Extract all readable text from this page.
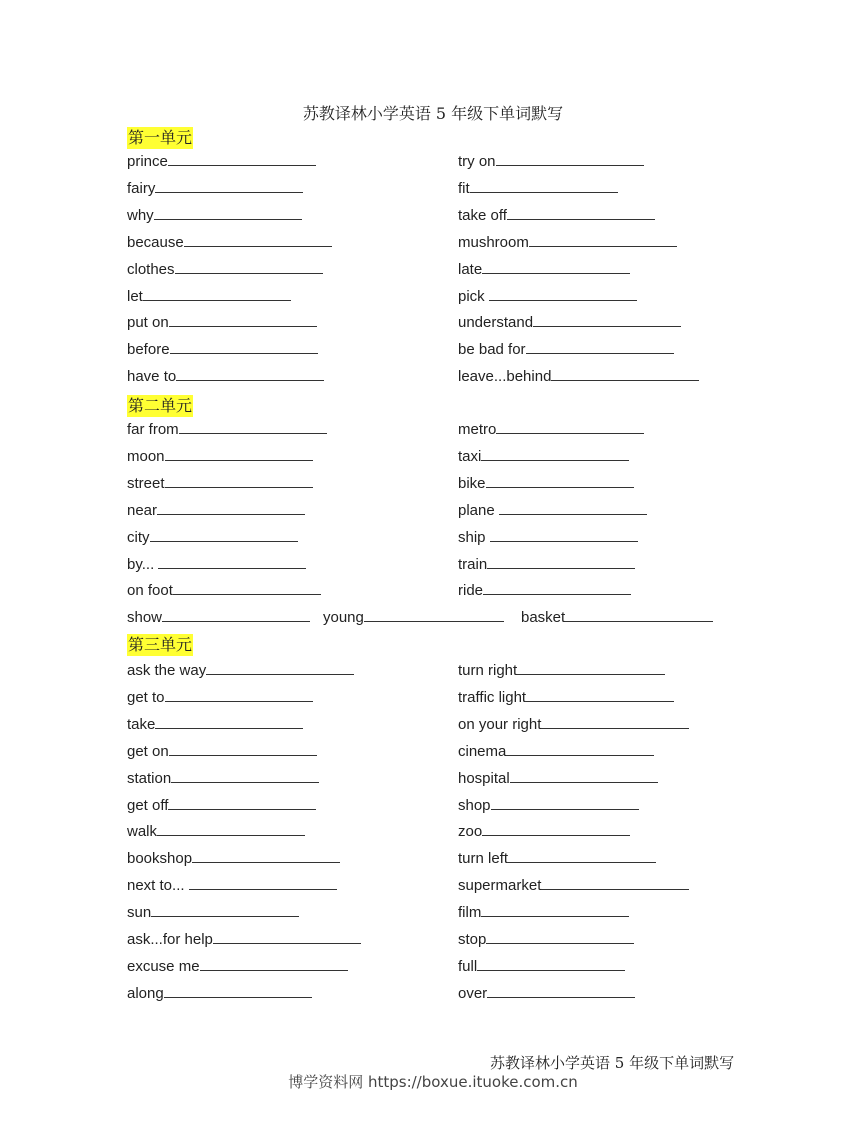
苏教译林小学英语 5 年级下单词默写
第一单元
prince	try on
fairy	fit
why	take off
because	mushroom
clothes	late
let	pick
put on	understand
before	be bad for
have to	leave...behind
第二单元
far from	metro
moon	taxi
street	bike
near	plane
city	ship
by...	train
on foot	ride
show	young	basket
第三单元
ask the way	turn right
get to	traffic light
take	on your right
get on	cinema
station	hospital
get off	shop
walk	zoo
bookshop	turn left
next to...	supermarket
sun	film
ask...for help	stop
excuse me	full
along	over
苏教译林小学英语 5 年级下单词默写
博学资料网 https://boxue.ituoke.com.cn
